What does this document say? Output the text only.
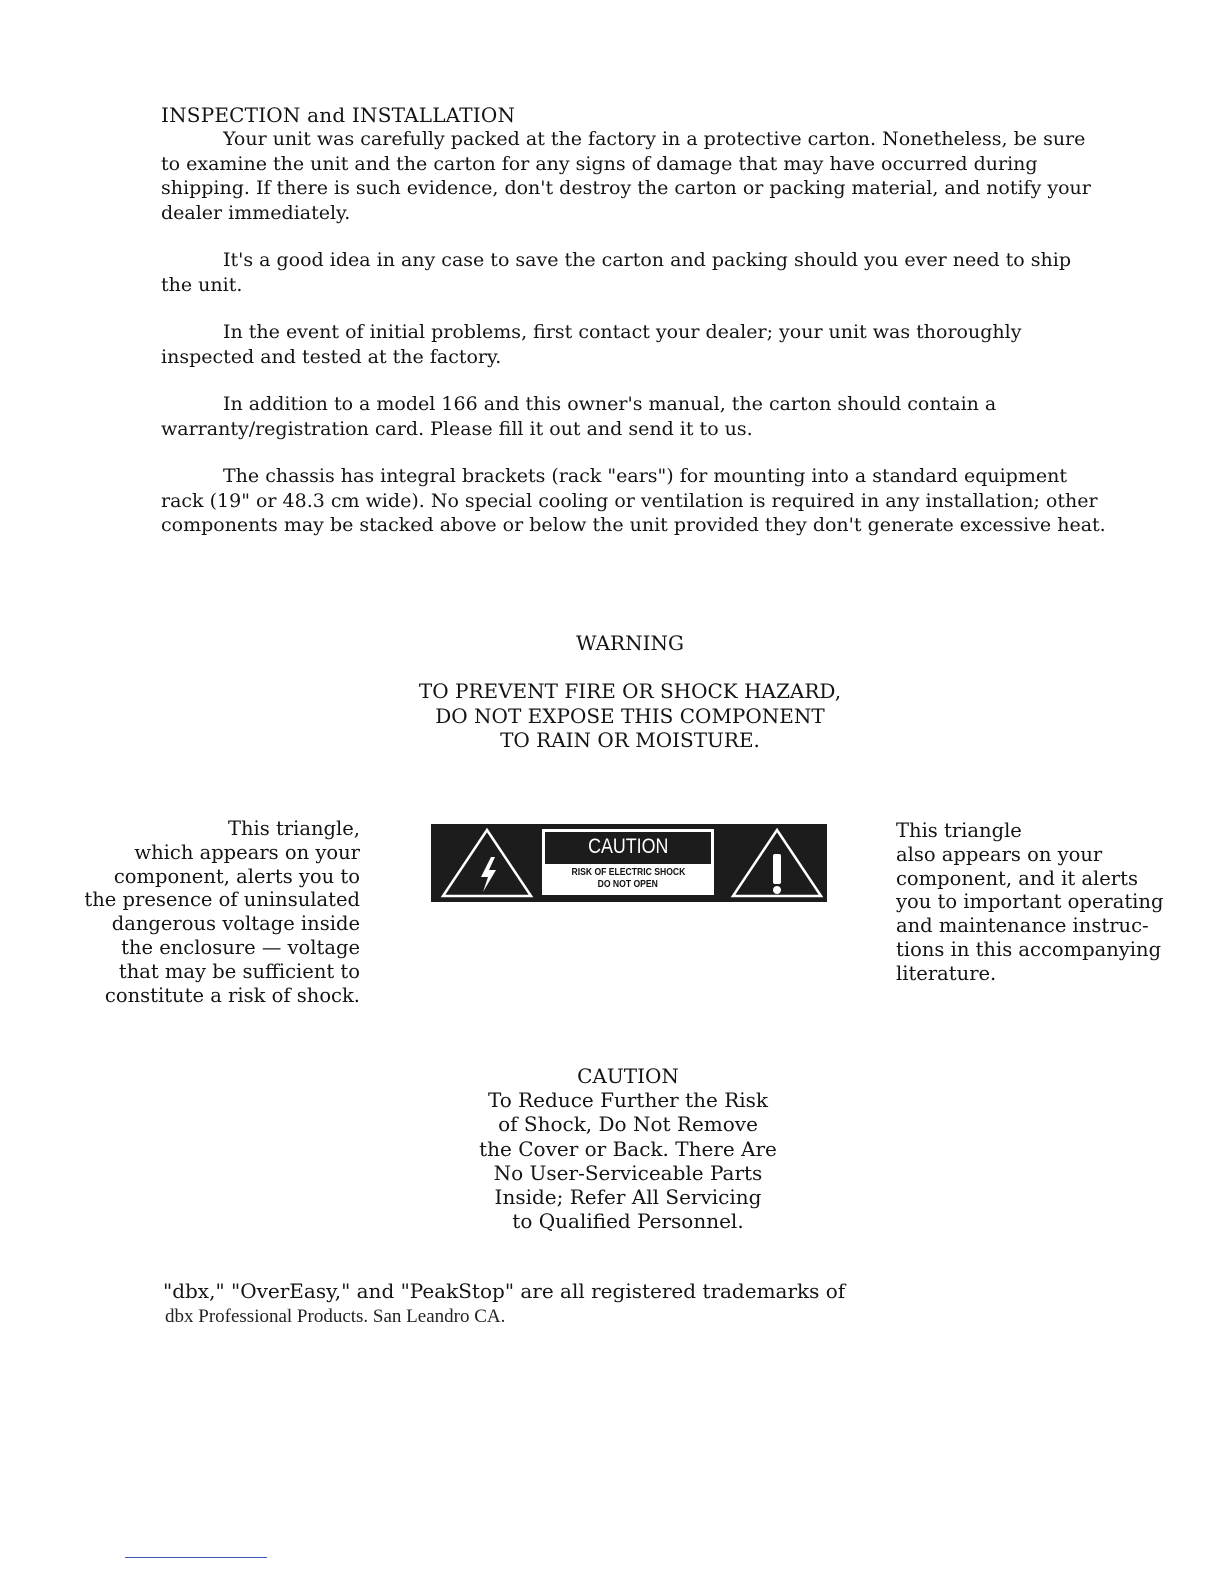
INSPECTION and INSTALLATION

Your unit was carefully packed at the factory in a protective carton. Nonetheless, be sure to examine the unit and the carton for any signs of damage that may have occurred during shipping. If there is such evidence, don't destroy the carton or packing material, and notify your dealer immediately.

It's a good idea in any case to save the carton and packing should you ever need to ship the unit.

In the event of initial problems, first contact your dealer; your unit was thoroughly inspected and tested at the factory.

In addition to a model 166 and this owner's manual, the carton should contain a warranty/registration card. Please fill it out and send it to us.

The chassis has integral brackets (rack "ears") for mounting into a standard equipment rack (19" or 48.3 cm wide). No special cooling or ventilation is required in any installation; other components may be stacked above or below the unit provided they don't generate excessive heat.

WARNING
TO PREVENT FIRE OR SHOCK HAZARD,
DO NOT EXPOSE THIS COMPONENT
TO RAIN OR MOISTURE.
This triangle,
which appears on your
component, alerts you to
the presence of uninsulated
dangerous voltage inside
the enclosure — voltage
that may be sufficient to
constitute a risk of shock.
CAUTION
RISK OF ELECTRIC SHOCK
DO NOT OPEN
This triangle
also appears on your
component, and it alerts
you to important operating
and maintenance instruc-
tions in this accompanying
literature.
CAUTION
To Reduce Further the Risk
of Shock, Do Not Remove
the Cover or Back. There Are
No User-Serviceable Parts
Inside; Refer All Servicing
to Qualified Personnel.
"dbx," "OverEasy," and "PeakStop" are all registered trademarks of
dbx Professional Products. San Leandro CA.
